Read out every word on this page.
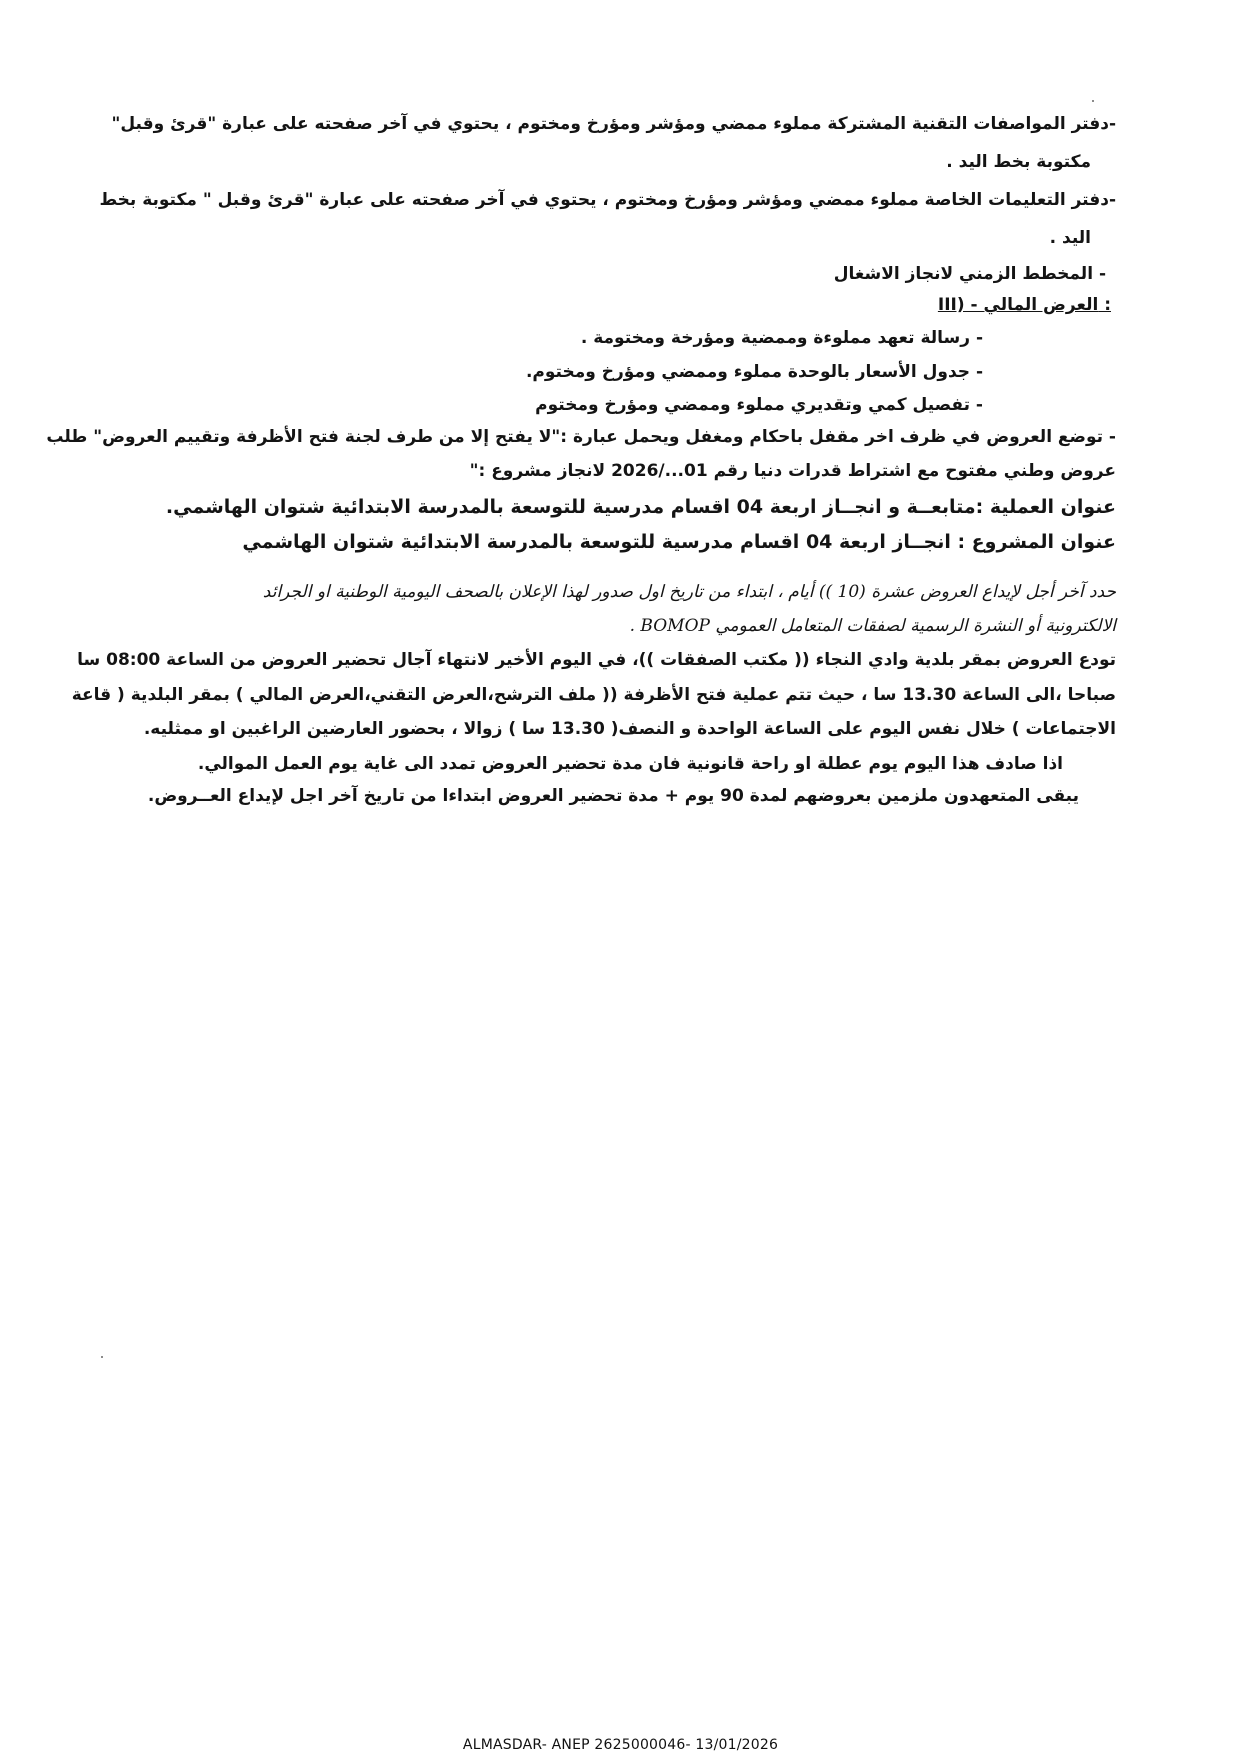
-دفتر المواصفات التقنية المشتركة مملوء ممضي ومؤشر ومؤرخ ومختوم ، يحتوي في آخر صفحته على عبارة "قرئ وقبل"
مكتوبة بخط اليد .
-دفتر التعليمات الخاصة مملوء ممضي ومؤشر ومؤرخ ومختوم ، يحتوي في آخر صفحته على عبارة "قرئ وقبل " مكتوبة بخط
اليد .
- المخطط الزمني لانجاز الاشغال
III) - العرض المالي :
- رسالة تعهد مملوءة وممضية ومؤرخة ومختومة .
- جدول الأسعار بالوحدة مملوء وممضي ومؤرخ ومختوم.
- تفصيل كمي وتقديري مملوء وممضي ومؤرخ ومختوم
- توضع العروض في ظرف اخر مقفل باحكام ومغفل ويحمل عبارة :"لا يفتح إلا من طرف لجنة فتح الأظرفة وتقييم العروض" طلب
عروض وطني مفتوح مع اشتراط قدرات دنيا رقم 01.../2026 لانجاز مشروع :"
عنوان العملية :متابعــة و انجــاز اربعة 04 اقسام مدرسية للتوسعة بالمدرسة الابتدائية شتوان الهاشمي.
عنوان المشروع : انجــاز اربعة 04 اقسام مدرسية للتوسعة بالمدرسة الابتدائية شتوان الهاشمي
حدد آخر أجل لإيداع العروض عشرة (10 )) أيام ، ابتداء من تاريخ اول صدور لهذا الإعلان بالصحف اليومية الوطنية او الجرائد
الالكترونية أو النشرة الرسمية لصفقات المتعامل العمومي BOMOP .
تودع العروض بمقر بلدية وادي النجاء (( مكتب الصفقات ))، في اليوم الأخير لانتهاء آجال تحضير العروض من الساعة 08:00 سا
صباحا ،الى الساعة 13.30 سا ، حيث تتم عملية فتح الأظرفة (( ملف الترشح،العرض التقني،العرض المالي ) بمقر البلدية ( قاعة
الاجتماعات ) خلال نفس اليوم على الساعة الواحدة و النصف( 13.30 سا ) زوالا ، بحضور العارضين الراغبين او ممثليه.
اذا صادف هذا اليوم يوم عطلة او راحة قانونية فان مدة تحضير العروض تمدد الى غاية يوم العمل الموالي.
يبقى المتعهدون ملزمين بعروضهم لمدة 90 يوم + مدة تحضير العروض ابتداءا من تاريخ آخر اجل لإيداع العــروض.
ALMASDAR- ANEP 2625000046- 13/01/2026
